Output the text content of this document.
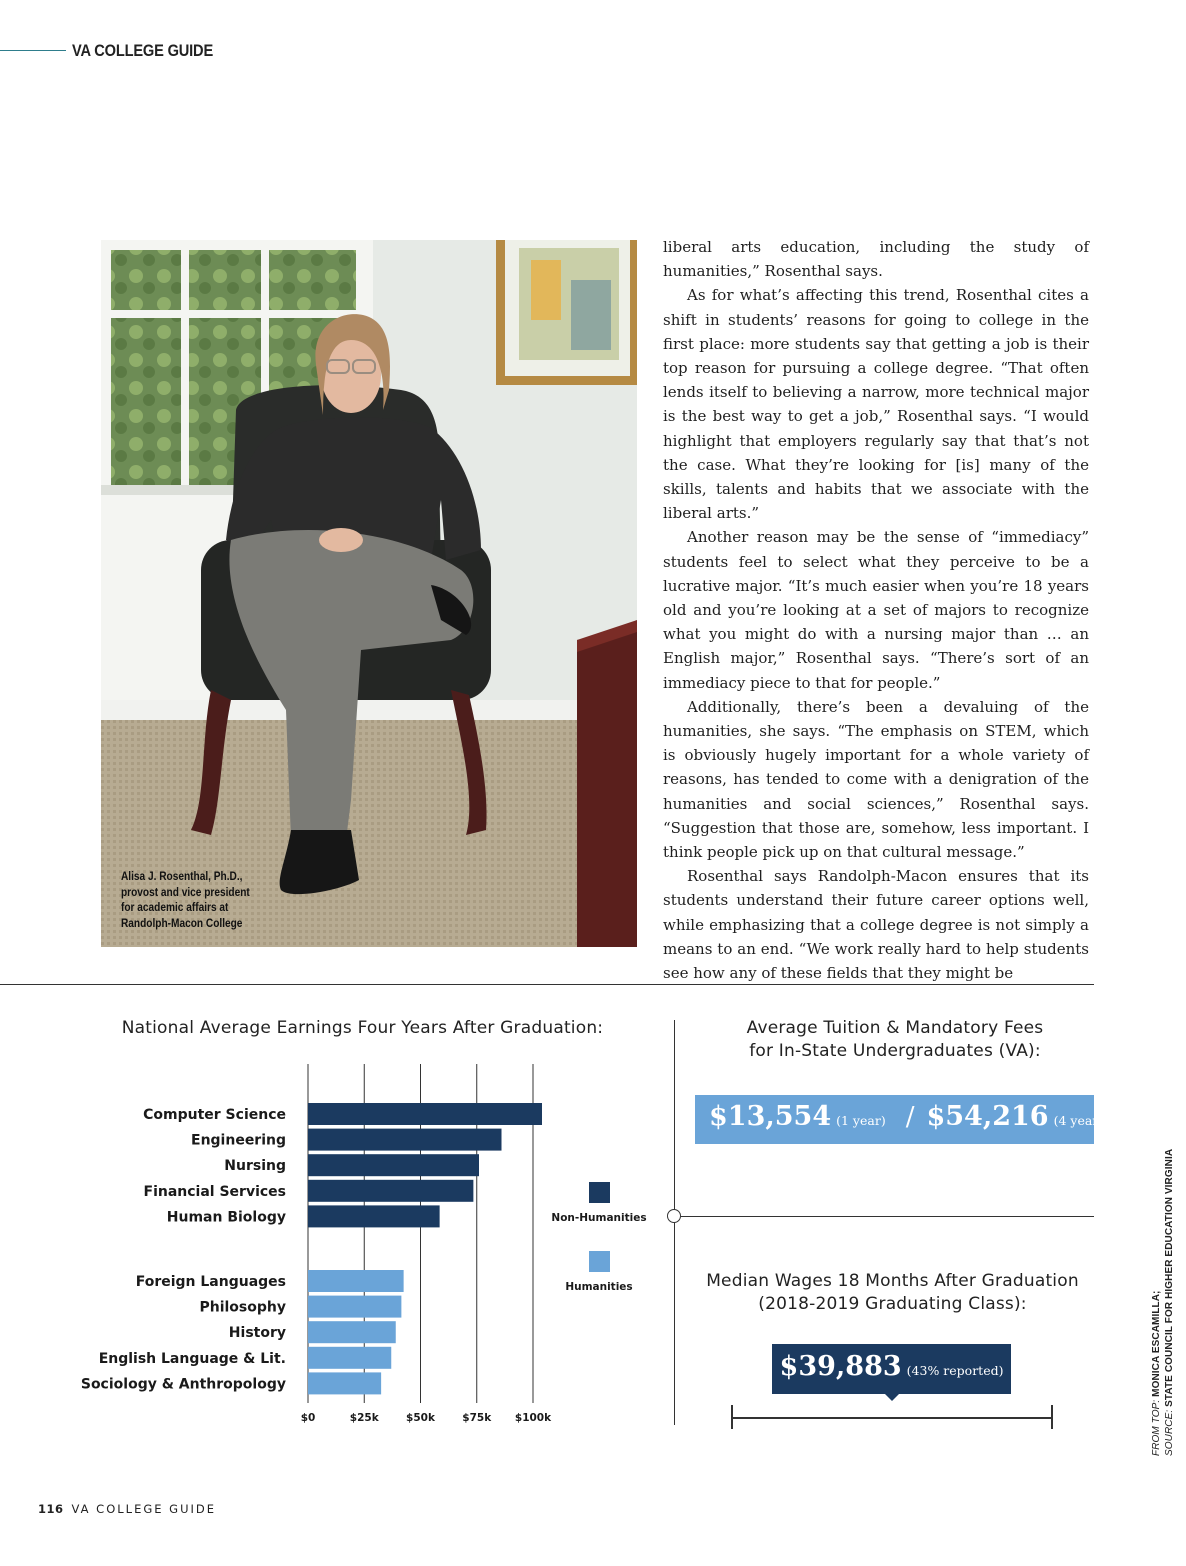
VA COLLEGE GUIDE
Alisa J. Rosenthal, Ph.D.,
provost and vice president
for academic affairs at
Randolph-Macon College

liberal arts education, including the study of humanities,” Rosenthal says.

As for what’s affecting this trend, Rosenthal cites a shift in students’ reasons for going to college in the first place: more students say that getting a job is their top reason for pursuing a college degree. “That often lends itself to believing a narrow, more technical major is the best way to get a job,” Rosenthal says. “I would highlight that employers regularly say that that’s not the case. What they’re looking for [is] many of the skills, talents and habits that we associate with the liberal arts.”

Another reason may be the sense of “immediacy” students feel to select what they perceive to be a lucrative major. “It’s much easier when you’re 18 years old and you’re looking at a set of majors to recognize what you might do with a nursing major than … an English major,” Rosenthal says. “There’s sort of an immediacy piece to that for people.”

Additionally, there’s been a devaluing of the humanities, she says. “The emphasis on STEM, which is obviously hugely important for a whole variety of reasons, has tended to come with a denigration of the humanities and social sciences,” Rosenthal says. “Suggestion that those are, somehow, less important. I think people pick up on that cultural message.”

Rosenthal says Randolph-Macon ensures that its students understand their future career options well, while emphasizing that a college degree is not simply a means to an end. “We work really hard to help students see how any of these fields that they might be

National Average Earnings Four Years After Graduation:
$0	$25k	$50k	$75k $100k
Computer Science
Engineering
Nursing
Financial Services
Human Biology
Foreign Languages
Philosophy
History
English Language & Lit.
Sociology & Anthropology
Non-Humanities
Humanities
Average Tuition & Mandatory Fees
for In-State Undergraduates (VA):
$13,554 (1 year) / $54,216 (4 years)
Median Wages 18 Months After Graduation
(2018-2019 Graduating Class):
$39,883 (43% reported)
FROM TOP: MONICA ESCAMILLA;
SOURCE: STATE COUNCIL FOR HIGHER EDUCATION VIRGINIA
116 VA COLLEGE GUIDE
